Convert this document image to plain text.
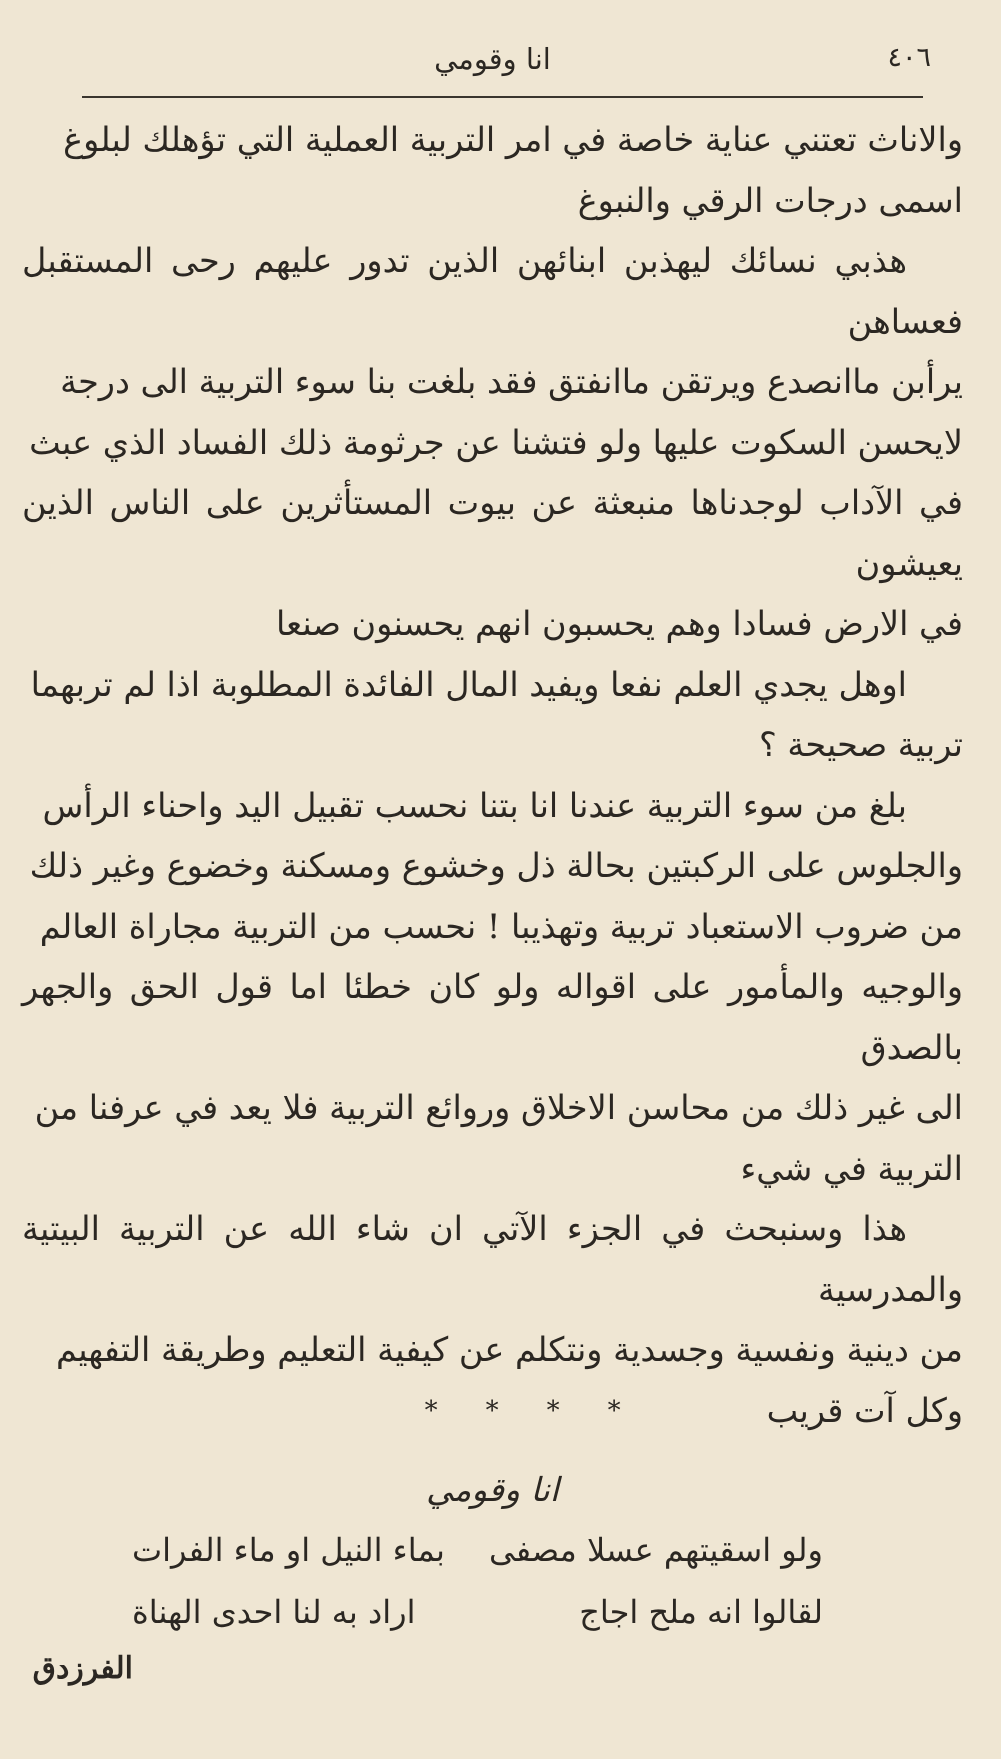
٤٠٦
انا وقومي
والاناث تعتني عناية خاصة في امر التربية العملية التي تؤهلك لبلوغ
اسمى درجات الرقي والنبوغ
هذبي نسائك ليهذبن ابنائهن الذين تدور عليهم رحى المستقبل فعساهن
يرأبن ماانصدع ويرتقن ماانفتق فقد بلغت بنا سوء التربية الى درجة
لايحسن السكوت عليها ولو فتشنا عن جرثومة ذلك الفساد الذي عبث
في الآداب لوجدناها منبعثة عن بيوت المستأثرين على الناس الذين يعيشون
في الارض فسادا وهم يحسبون انهم يحسنون صنعا
اوهل يجدي العلم نفعا ويفيد المال الفائدة المطلوبة اذا لم تربهما
تربية صحيحة ؟
بلغ من سوء التربية عندنا انا بتنا نحسب تقبيل اليد واحناء الرأس
والجلوس على الركبتين بحالة ذل وخشوع ومسكنة وخضوع وغير ذلك
من ضروب الاستعباد تربية وتهذيبا ! نحسب من التربية مجاراة العالم
والوجيه والمأمور على اقواله ولو كان خطئا اما قول الحق والجهر بالصدق
الى غير ذلك من محاسن الاخلاق وروائع التربية فلا يعد في عرفنا من
التربية في شيء
هذا وسنبحث في الجزء الآتي ان شاء الله عن التربية البيتية والمدرسية
من دينية ونفسية وجسدية ونتكلم عن كيفية التعليم وطريقة التفهيم
وكل آت قريب
*
*
*
*
انا وقومي
ولو اسقيتهم عسلا مصفى
بماء النيل او ماء الفرات
لقالوا انه ملح اجاج
اراد به لنا احدى الهناة
الفرزدق
